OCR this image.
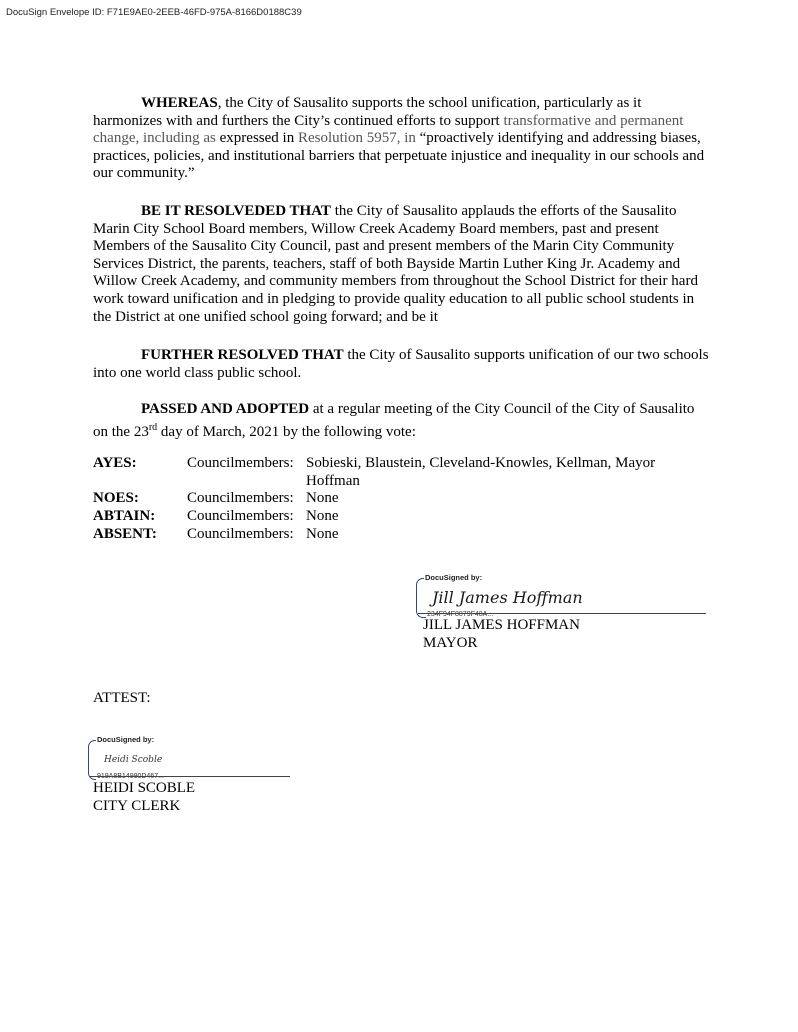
DocuSign Envelope ID: F71E9AE0-2EEB-46FD-975A-8166D0188C39

WHEREAS, the City of Sausalito supports the school unification, particularly as it harmonizes with and furthers the City’s continued efforts to support transformative and permanent change, including as expressed in Resolution 5957, in “proactively identifying and addressing biases, practices, policies, and institutional barriers that perpetuate injustice and inequality in our schools and our community.”

BE IT RESOLVEDED THAT the City of Sausalito applauds the efforts of the Sausalito Marin City School Board members, Willow Creek Academy Board members, past and present Members of the Sausalito City Council, past and present members of the Marin City Community Services District, the parents, teachers, staff of both Bayside Martin Luther King Jr. Academy and Willow Creek Academy, and community members from throughout the School District for their hard work toward unification and in pledging to provide quality education to all public school students in the District at one unified school going forward; and be it

FURTHER RESOLVED THAT the City of Sausalito supports unification of our two schools into one world class public school.

PASSED AND ADOPTED at a regular meeting of the City Council of the City of Sausalito on the 23rd day of March, 2021 by the following vote:

AYES:	Councilmembers: Sobieski, Blaustein, Cleveland-Knowles, Kellman, Mayor Hoffman
NOES:	Councilmembers: None
ABTAIN: Councilmembers: None
ABSENT: Councilmembers: None
DocuSigned by:
Jill James Hoffman
234F94F8079F48A...
JILL JAMES HOFFMAN
MAYOR
ATTEST:
DocuSigned by:
Heidi Scoble
919A8B14990D467...
HEIDI SCOBLE
CITY CLERK
